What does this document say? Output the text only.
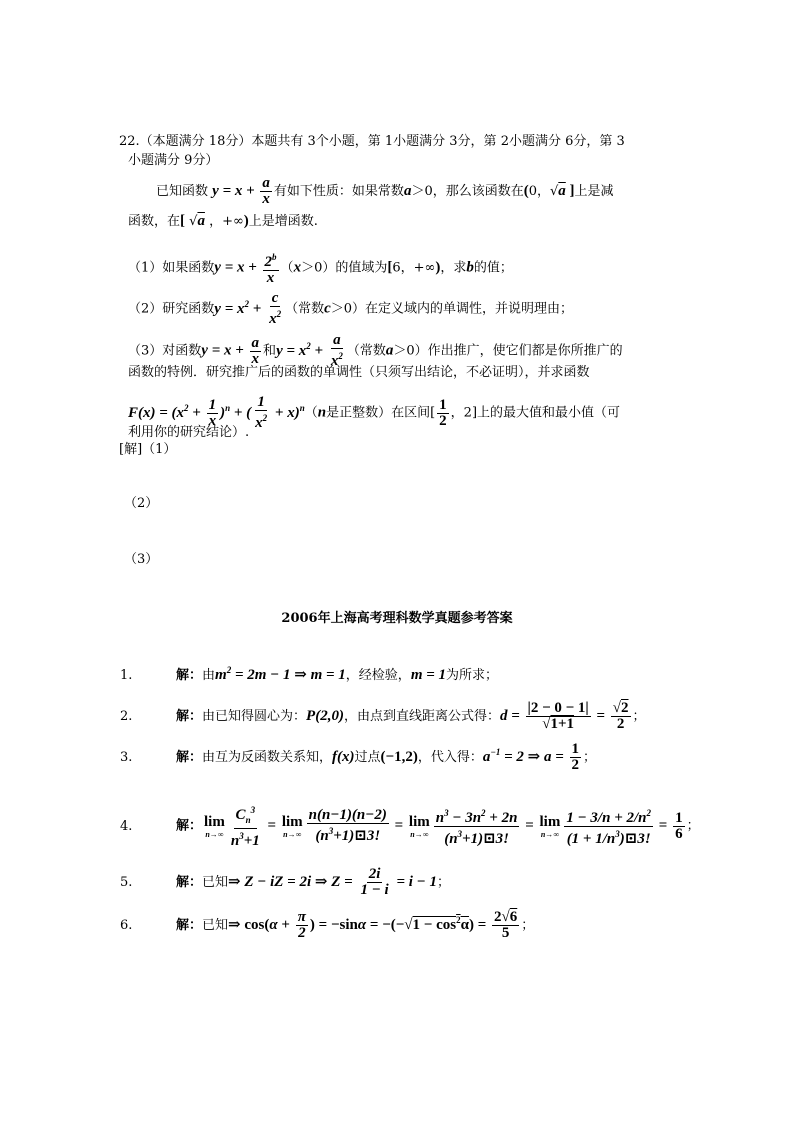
22.（本题满分 18分）本题共有 3个小题，第 1小题满分 3分，第 2小题满分 6分，第 3
小题满分 9分）
已知函数 $y = x + \frac{a}{x}$ 有如下性质：如果常数a＞0，那么该函数在(0，√a ]上是减
函数，在[ √a ，+∞)上是增函数.
（1）如果函数$y = x + \frac{2^b}{x} (x>0)$的值域为[6，+∞)，求b的值；
（2）研究函数$y = x^2 + \frac{c}{x^2}$ （常数c＞0）在定义域内的单调性，并说明理由；
（3）对函数$y = x + \frac{a}{x}$ 和$y = x^2 + \frac{a}{x^2}$ （常数a＞0）作出推广，使它们都是你所推广的
函数的特例．研究推广后的函数的单调性（只须写出结论，不必证明），并求函数
$F(x) = (x^2 + \frac{1}{x} )^n$ + ( $\frac{1}{x^2} + x)^n(n$是正整数）在区间[ $\frac{1}{2}$ ，2]上的最大值和最小值（可
利用你的研究结论）.
[解]（1）
（2）
（3）
2006年上海高考理科数学真题参考答案
1.	解：由$m^2 = 2m - 1$ ⇒ m = 1，经检验，m = 1为所求；
2.	解：由已知得圆心为：P(2,0)，由点到直线距离公式得：$d = \frac{|2 - 0 - 1|}{√1+1} = \frac{√2}{2}$ ；
3.	解：由互为反函数关系知，f(x)过点(−1,2)，代入得：$a^{-1} = 2$ ⇒ $a = \frac{1}{2}$ ；
4.	解： lim
$n\to\infty \frac{C_n^3}{n^3+1} = \lim$
$n\to\infty \frac{n(n-1)(n-2)}{(n^3+1)⊡3!} = \lim$
$n\to\infty \frac{n^3 - 3n^2 + 2n}{(n^3+1)⊡3!} = \lim$
$n\to\infty \frac{1 - 3/n + 2/n^2}{(1 + 1/n^3)⊡3!} = \frac{1}{6}$ ；
5.	解：已知⇒ Z − iZ = 2i ⇒ $Z = \frac{2i}{1 - i} = i - 1$；
6.	解：已知⇒ $\cos(\alpha + \frac{\pi}{2}$ ) = $-\sin\alpha = -(-√1 - \cos^2\alpha) = \frac{2√6}{5}$ ；
